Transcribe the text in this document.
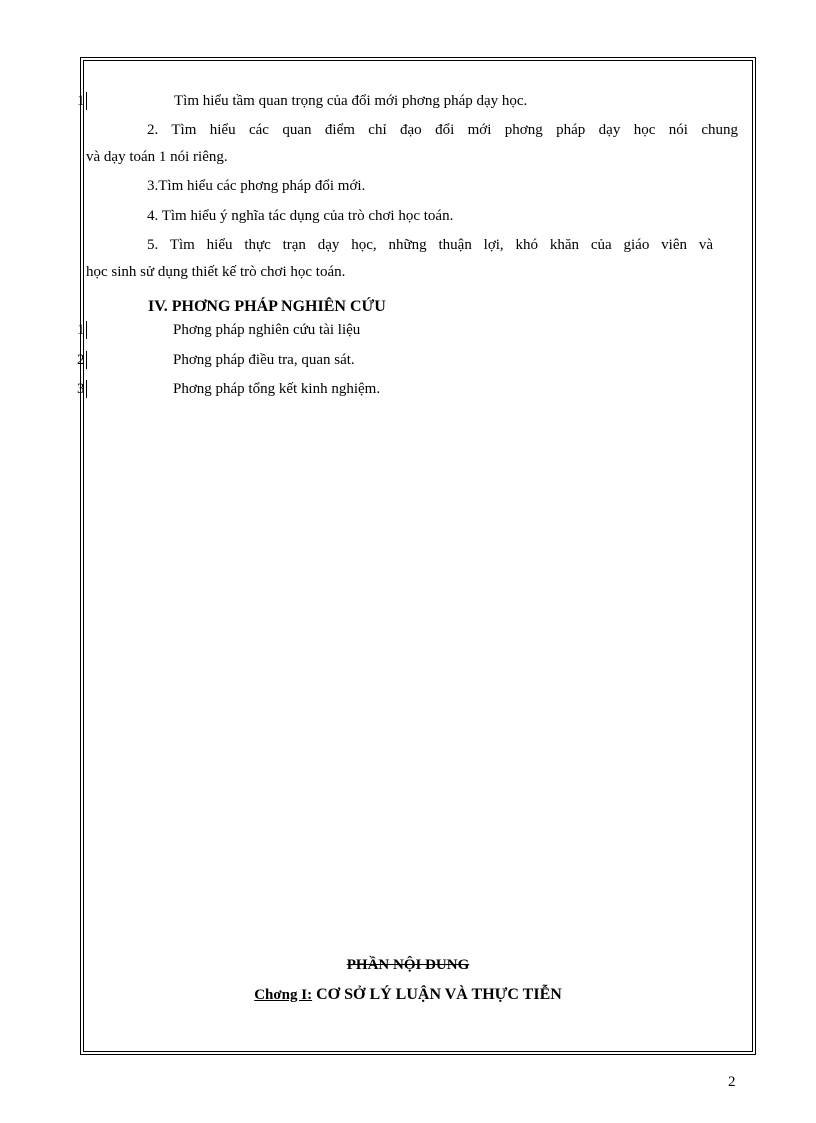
1	Tìm hiểu tầm quan trọng của đổi mới phơng pháp dạy học.
2. Tìm hiểu các quan điểm chỉ đạo đổi mới phơng pháp dạy học nói chung
và dạy toán 1 nói riêng.
3.Tìm hiểu các phơng pháp đổi mới.
4. Tìm hiểu ý nghĩa tác dụng của trò chơi học toán.
5. Tìm hiểu thực trạn dạy học, những thuận lợi, khó khăn của giáo viên và
học sinh sử dụng thiết kế trò chơi học toán.
IV. PHƠNG PHÁP NGHIÊN CỨU
1	Phơng pháp nghiên cứu tài liệu
2	Phơng pháp điều tra, quan sát.
3	Phơng pháp tổng kết kinh nghiệm.
PHẦN NỘI DUNG
Chơng I: CƠ SỞ LÝ LUẬN VÀ THỰC TIỄN
2
